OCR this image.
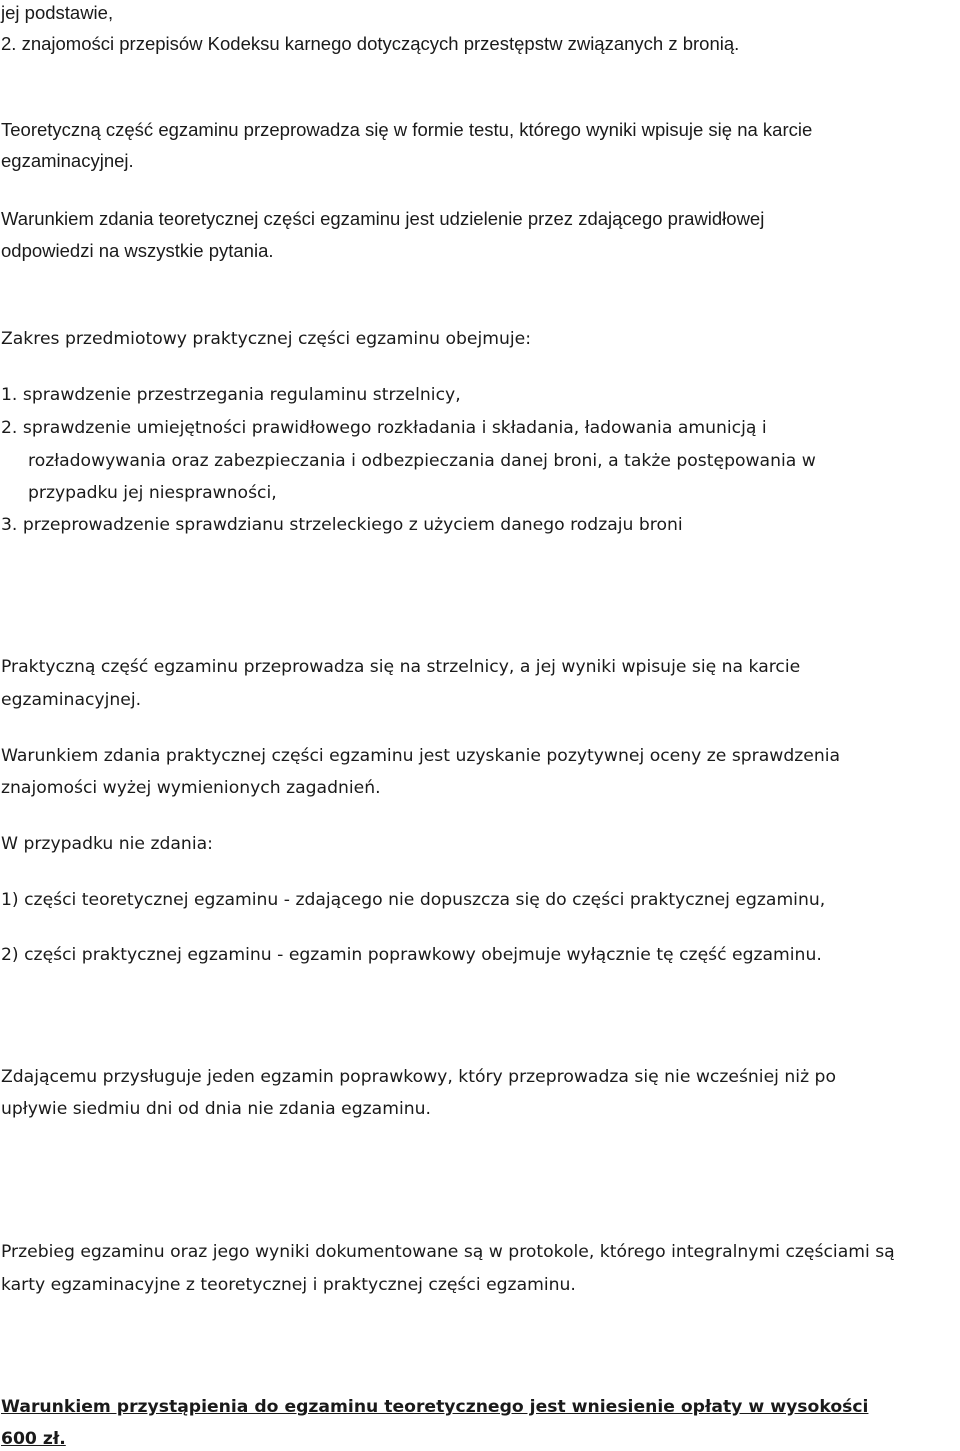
jej podstawie,
2. znajomości przepisów Kodeksu karnego dotyczących przestępstw związanych z bronią.
Teoretyczną część egzaminu przeprowadza się w formie testu, którego wyniki wpisuje się na karcie
egzaminacyjnej.
Warunkiem zdania teoretycznej części egzaminu jest udzielenie przez zdającego prawidłowej
odpowiedzi na wszystkie pytania.
Zakres przedmiotowy praktycznej części egzaminu obejmuje:
1. sprawdzenie przestrzegania regulaminu strzelnicy,
2. sprawdzenie umiejętności prawidłowego rozkładania i składania, ładowania amunicją i
rozładowywania oraz zabezpieczania i odbezpieczania danej broni, a także postępowania w
przypadku jej niesprawności,
3. przeprowadzenie sprawdzianu strzeleckiego z użyciem danego rodzaju broni
Praktyczną część egzaminu przeprowadza się na strzelnicy, a jej wyniki wpisuje się na karcie
egzaminacyjnej.
Warunkiem zdania praktycznej części egzaminu jest uzyskanie pozytywnej oceny ze sprawdzenia
znajomości wyżej wymienionych zagadnień.
W przypadku nie zdania:
1) części teoretycznej egzaminu - zdającego nie dopuszcza się do części praktycznej egzaminu,
2) części praktycznej egzaminu - egzamin poprawkowy obejmuje wyłącznie tę część egzaminu.
Zdającemu przysługuje jeden egzamin poprawkowy, który przeprowadza się nie wcześniej niż po
upływie siedmiu dni od dnia nie zdania egzaminu.
Przebieg egzaminu oraz jego wyniki dokumentowane są w protokole, którego integralnymi częściami są
karty egzaminacyjne z teoretycznej i praktycznej części egzaminu.
Warunkiem przystąpienia do egzaminu teoretycznego jest wniesienie opłaty w wysokości
600 zł.
